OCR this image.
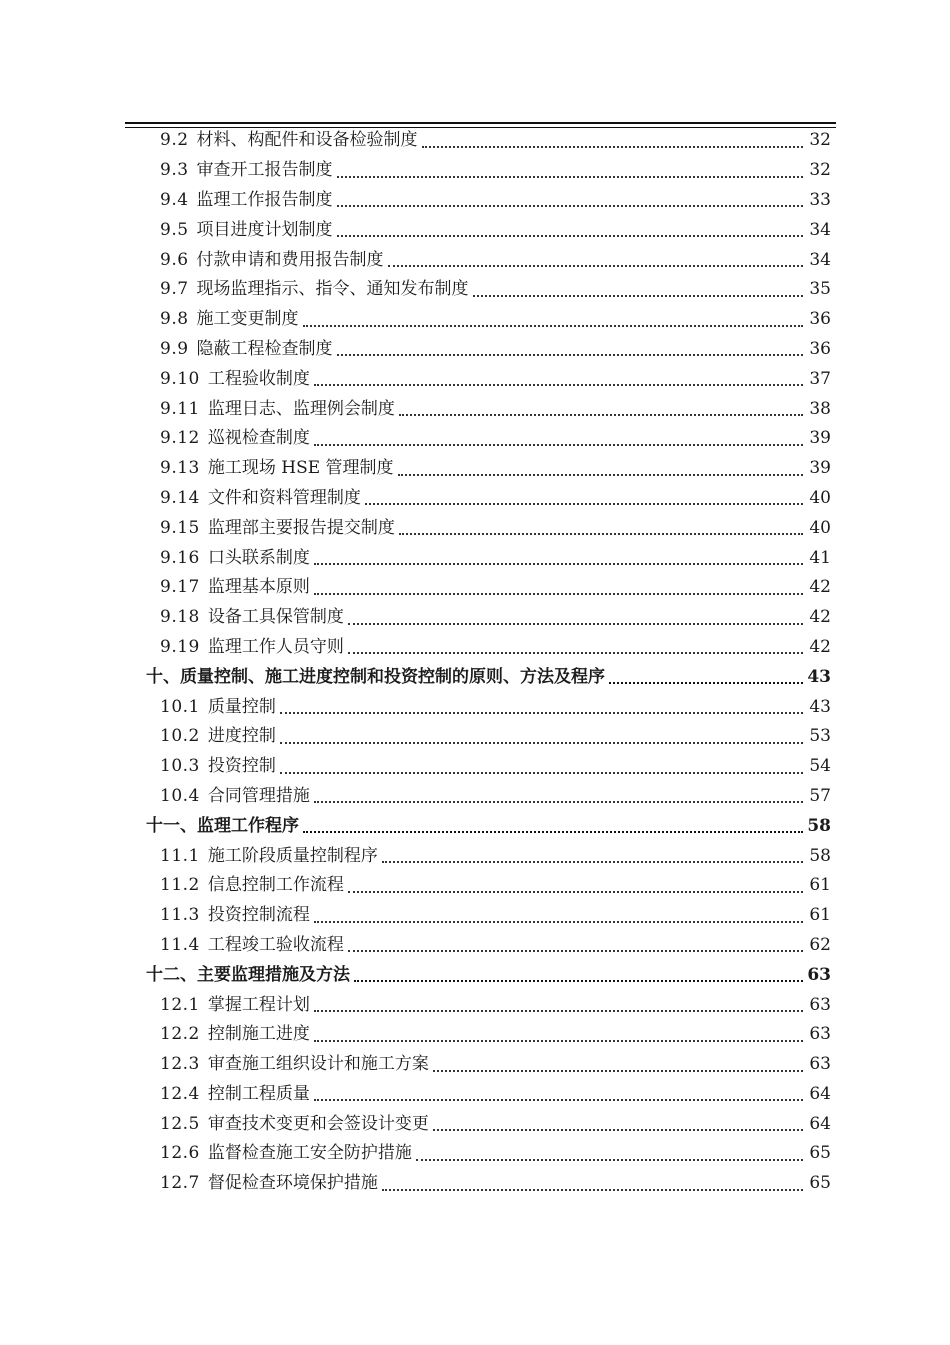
9.2 材料、构配件和设备检验制度	32
9.3 审查开工报告制度	32
9.4 监理工作报告制度	33
9.5 项目进度计划制度	34
9.6 付款申请和费用报告制度	34
9.7 现场监理指示、指令、通知发布制度	35
9.8 施工变更制度	36
9.9 隐蔽工程检查制度	36
9.10 工程验收制度	37
9.11 监理日志、监理例会制度	38
9.12 巡视检查制度	39
9.13 施工现场 HSE 管理制度	39
9.14 文件和资料管理制度	40
9.15 监理部主要报告提交制度	40
9.16 口头联系制度	41
9.17 监理基本原则	42
9.18 设备工具保管制度	42
9.19 监理工作人员守则	42
十、质量控制、施工进度控制和投资控制的原则、方法及程序	43
10.1 质量控制	43
10.2 进度控制	53
10.3 投资控制	54
10.4 合同管理措施	57
十一、监理工作程序	58
11.1 施工阶段质量控制程序	58
11.2 信息控制工作流程	61
11.3 投资控制流程	61
11.4 工程竣工验收流程	62
十二、主要监理措施及方法	63
12.1 掌握工程计划	63
12.2 控制施工进度	63
12.3 审查施工组织设计和施工方案	63
12.4 控制工程质量	64
12.5 审查技术变更和会签设计变更	64
12.6 监督检查施工安全防护措施	65
12.7 督促检查环境保护措施	65
